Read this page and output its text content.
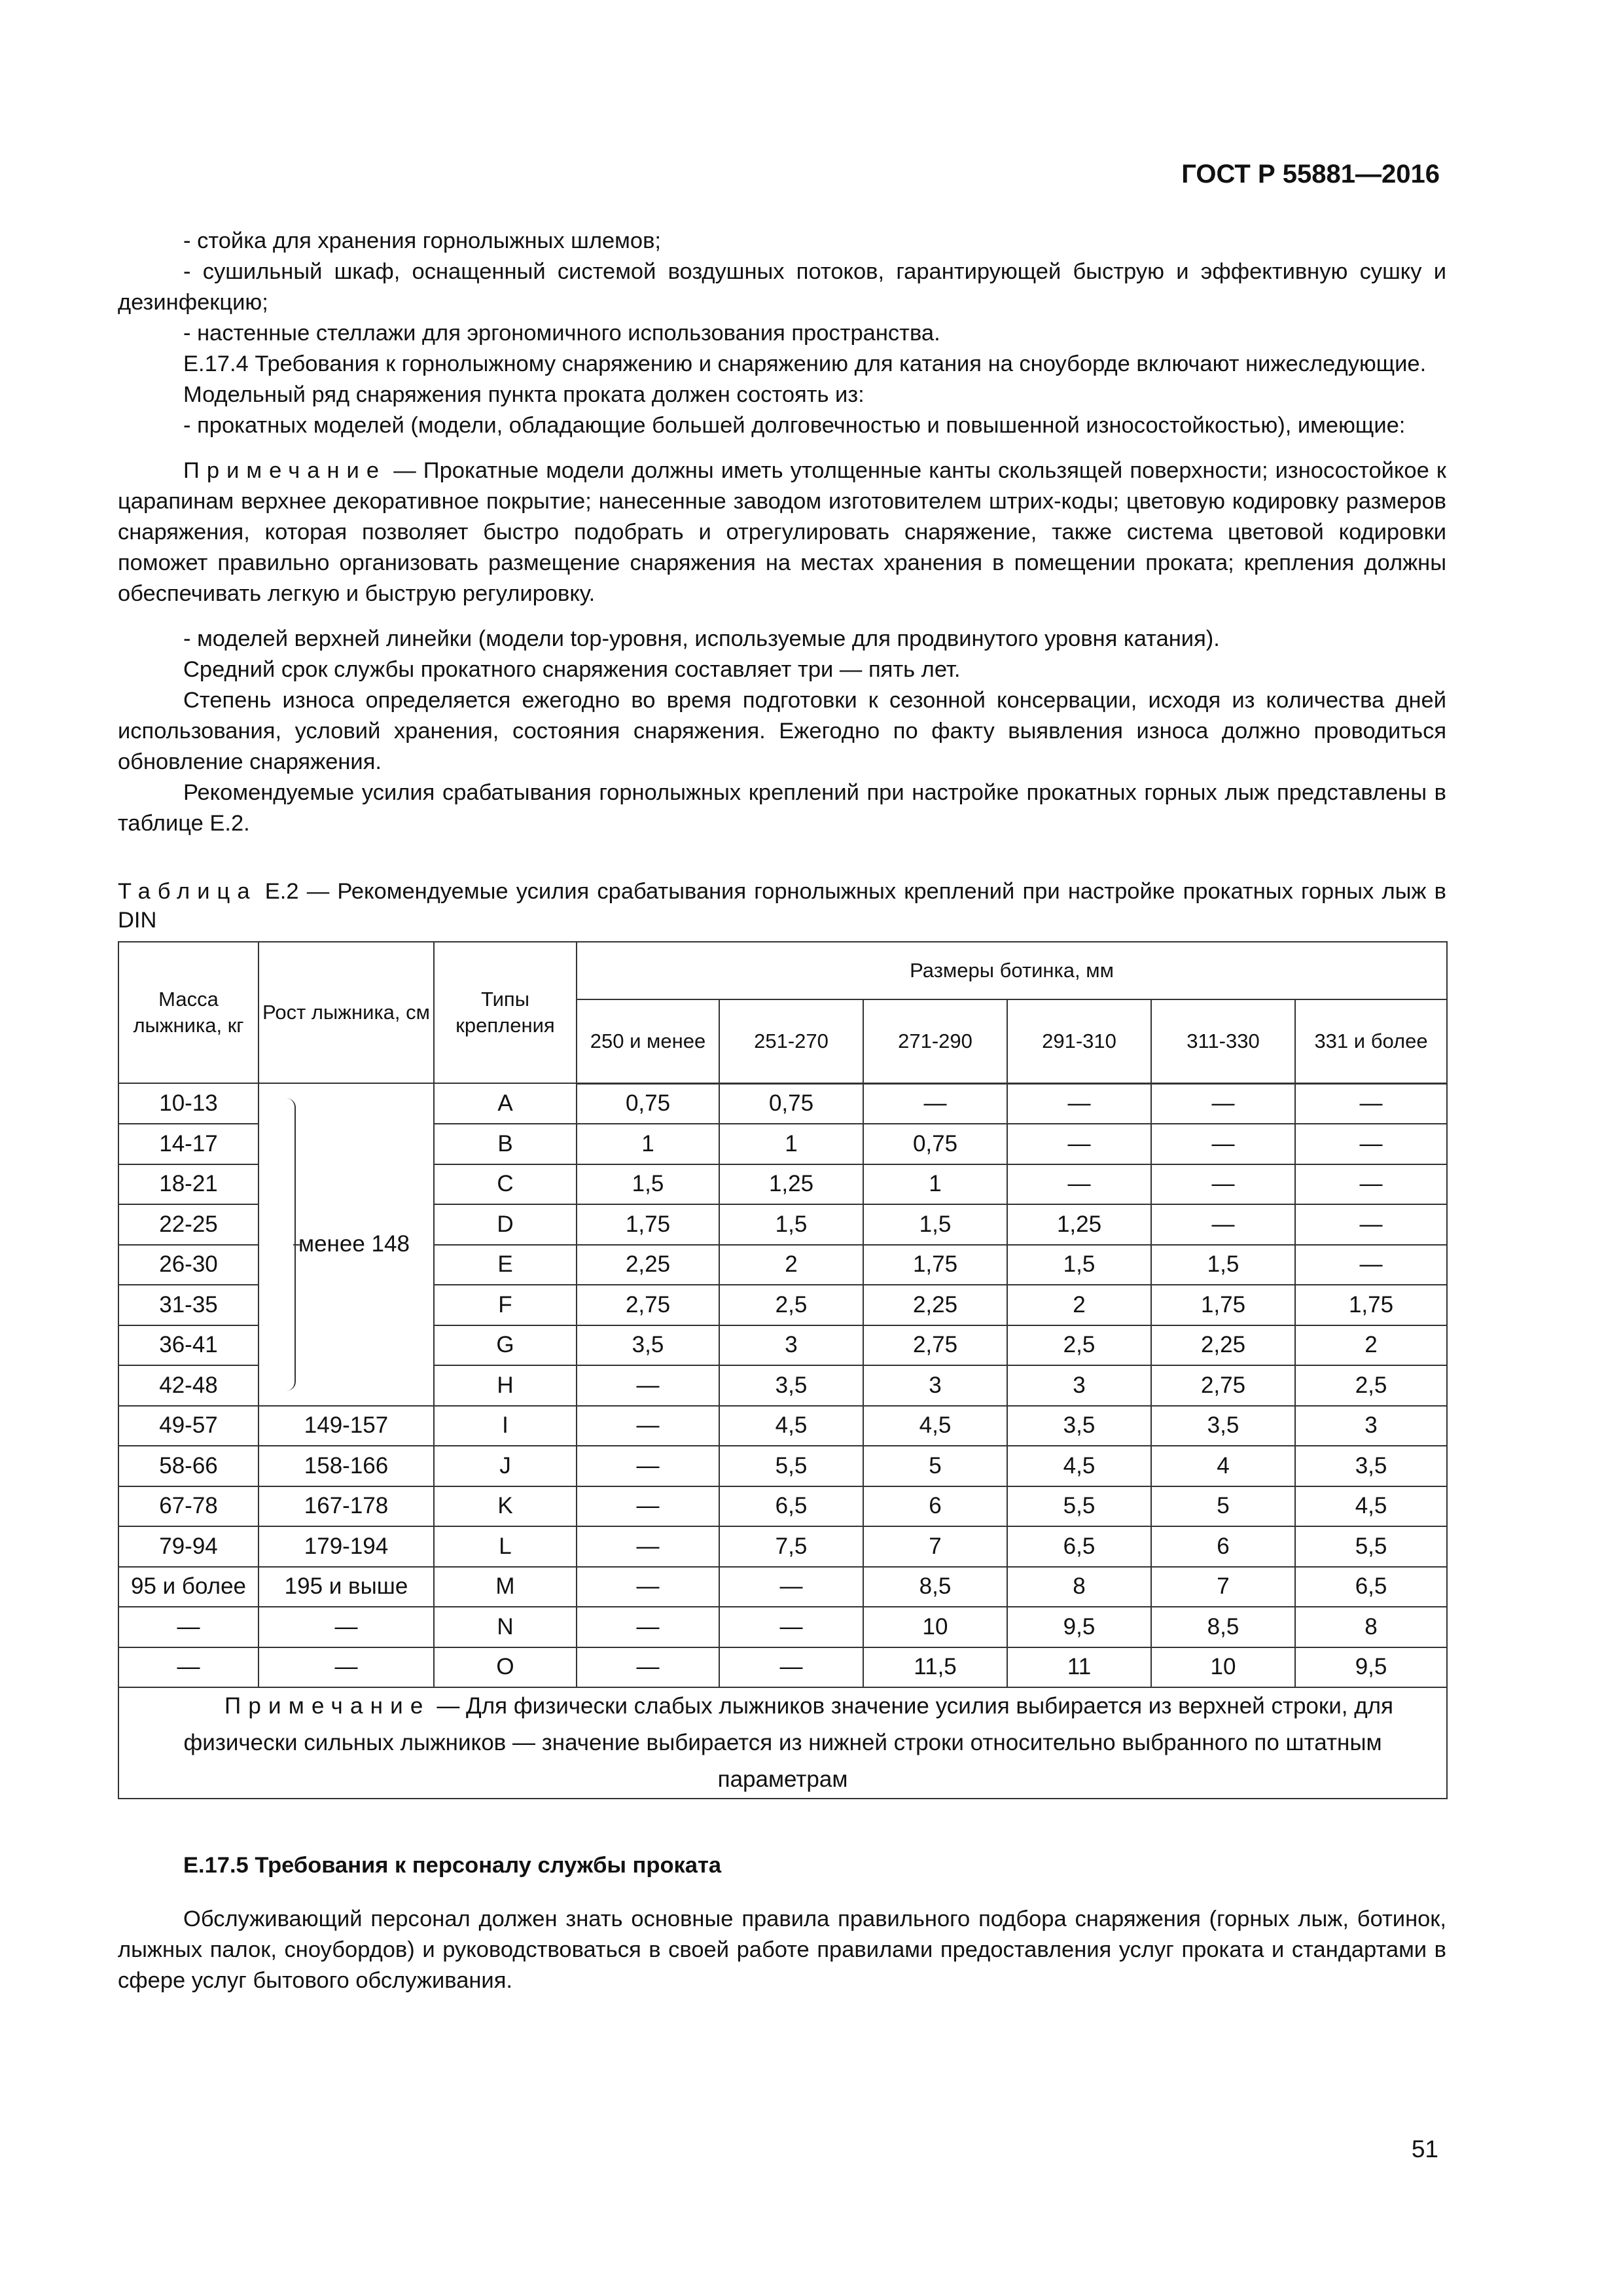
ГОСТ Р 55881—2016

- стойка для хранения горнолыжных шлемов;

- сушильный шкаф, оснащенный системой воздушных потоков, гарантирующей быструю и эффективную сушку и дезинфекцию;

- настенные стеллажи для эргономичного использования пространства.

Е.17.4 Требования к горнолыжному снаряжению и снаряжению для катания на сноуборде включают нижеследующие.

Модельный ряд снаряжения пункта проката должен состоять из:

- прокатных моделей (модели, обладающие большей долговечностью и повышенной износостойкостью), имеющие:

Примечание — Прокатные модели должны иметь утолщенные канты скользящей поверхности; износостойкое к царапинам верхнее декоративное покрытие; нанесенные заводом изготовителем штрих-коды; цветовую кодировку размеров снаряжения, которая позволяет быстро подобрать и отрегулировать снаряжение, также система цветовой кодировки поможет правильно организовать размещение снаряжения на местах хранения в помещении проката; крепления должны обеспечивать легкую и быструю регулировку.

- моделей верхней линейки (модели top-уровня, используемые для продвинутого уровня катания).

Средний срок службы прокатного снаряжения составляет три — пять лет.

Степень износа определяется ежегодно во время подготовки к сезонной консервации, исходя из количества дней использования, условий хранения, состояния снаряжения. Ежегодно по факту выявления износа должно проводиться обновление снаряжения.

Рекомендуемые усилия срабатывания горнолыжных креплений при настройке прокатных горных лыж представлены в таблице Е.2.

Таблица Е.2 — Рекомендуемые усилия срабатывания горнолыжных креплений при настройке прокатных горных лыж в DIN

Масса лыжника, кг	Рост лыжника, см	Типы крепления	Размеры ботинка, мм					
			250 и менее	251-270	271-290	291-310	311-330	331 и более
10-13	менее 148	A	0,75	0,75	—	—	—	—
14-17		B	1	1	0,75	—	—	—
18-21		C	1,5	1,25	1	—	—	—
22-25		D	1,75	1,5	1,5	1,25	—	—
26-30		E	2,25	2	1,75	1,5	1,5	—
31-35		F	2,75	2,5	2,25	2	1,75	1,75
36-41		G	3,5	3	2,75	2,5	2,25	2
42-48		H	—	3,5	3	3	2,75	2,5
49-57	149-157	I	—	4,5	4,5	3,5	3,5	3
58-66	158-166	J	—	5,5	5	4,5	4	3,5
67-78	167-178	K	—	6,5	6	5,5	5	4,5
79-94	179-194	L	—	7,5	7	6,5	6	5,5
95 и более	195 и выше	M	—	—	8,5	8	7	6,5
—	—	N	—	—	10	9,5	8,5	8
—	—	O	—	—	11,5	11	10	9,5
Примечание — Для физически слабых лыжников значение усилия выбирается из верхней строки, для физически сильных лыжников — значение выбирается из нижней строки относительно выбранного по штатным параметрам								

Е.17.5 Требования к персоналу службы проката

Обслуживающий персонал должен знать основные правила правильного подбора снаряжения (горных лыж, ботинок, лыжных палок, сноубордов) и руководствоваться в своей работе правилами предоставления услуг проката и стандартами в сфере услуг бытового обслуживания.

51
